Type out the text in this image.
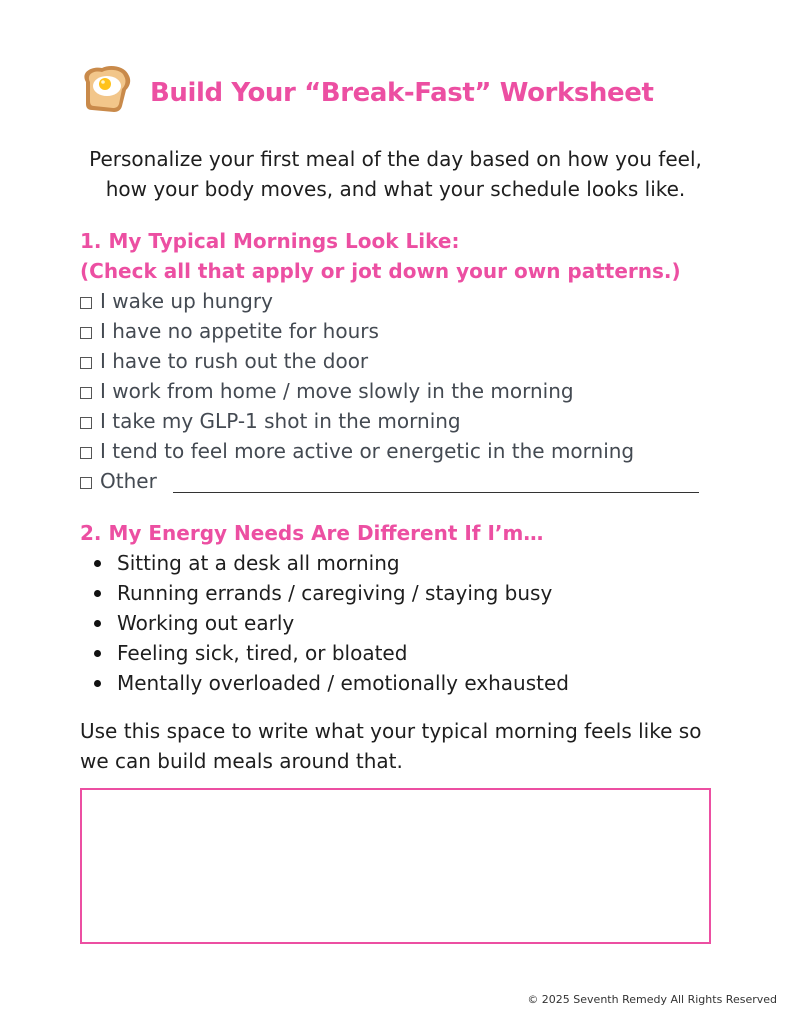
Build Your “Break-Fast” Worksheet

Personalize your first meal of the day based on how you feel,

how your body moves, and what your schedule looks like.

1. My Typical Mornings Look Like:

(Check all that apply or jot down your own patterns.)

I wake up hungry
I have no appetite for hours
I have to rush out the door
I work from home / move slowly in the morning
I take my GLP-1 shot in the morning
I tend to feel more active or energetic in the morning
Other

2. My Energy Needs Are Different If I’m…

Sitting at a desk all morning
Running errands / caregiving / staying busy
Working out early
Feeling sick, tired, or bloated
Mentally overloaded / emotionally exhausted

Use this space to write what your typical morning feels like so

we can build meals around that.

© 2025 Seventh Remedy All Rights Reserved
